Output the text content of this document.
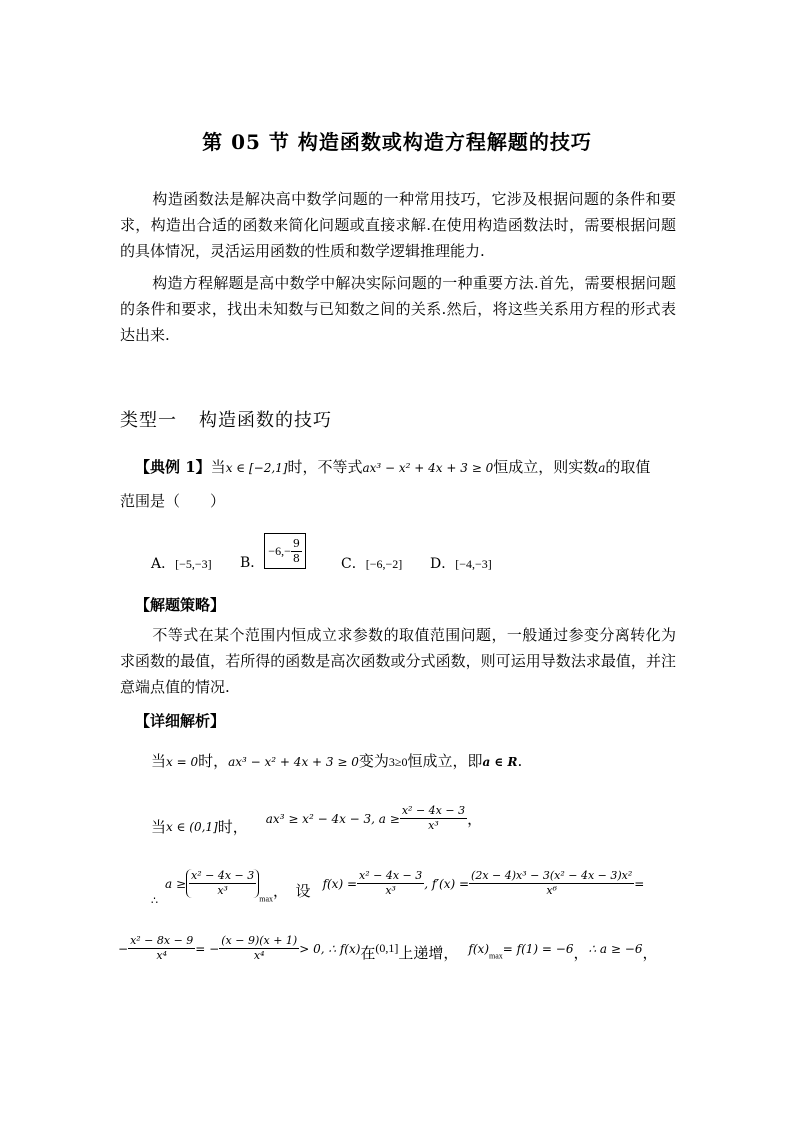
第 05 节 构造函数或构造方程解题的技巧
构造函数法是解决高中数学问题的一种常用技巧，它涉及根据问题的条件和要求，构造出合适的函数来简化问题或直接求解.在使用构造函数法时，需要根据问题的具体情况，灵活运用函数的性质和数学逻辑推理能力.
构造方程解题是高中数学中解决实际问题的一种重要方法.首先，需要根据问题的条件和要求，找出未知数与已知数之间的关系.然后，将这些关系用方程的形式表达出来.
类型一 构造函数的技巧
【典例 1】当x ∈ [−2,1]时，不等式ax³ − x² + 4x + 3 ≥ 0恒成立，则实数a的取值
范围是（　　）
A．[−5,−3] B．$-6,- \frac{9}{8}$	C．[−6,−2] D．[−4,−3]
【解题策略】
不等式在某个范围内恒成立求参数的取值范围问题，一般通过参变分离转化为求函数的最值，若所得的函数是高次函数或分式函数，则可运用导数法求最值，并注意端点值的情况.
【详细解析】
当x = 0时，ax³ − x² + 4x + 3 ≥ 0变为3≥0恒成立，即a ∈ R.
当x ∈ (0,1]时， ax³ ≥ x² − 4x − 3, $a \ge \frac{\text{x² − 4x − 3}}{\text{x³}}$ ，
$a \ge \frac{\text{x² − 4x − 3}}{\text{x³}}$
$_{max}$，　设 $f(x) = \frac{\text{x² − 4x − 3}}{\text{x³}}$ , $f'(x) = \frac{\text{(2x − 4)x³ − 3(x² − 4x − 3)x²}}{\text{x⁶}}$ =
∴
− $\frac{\text{x² − 8x − 9}}{\text{x⁴}}$ = − $\frac{(x - 9)(x + 1)}{\text{x⁴}} > 0$, ∴ f(x)在(0,1]上递增， $f(x)_{max}= f(1) = -6$，∴ a ≥ −6，
